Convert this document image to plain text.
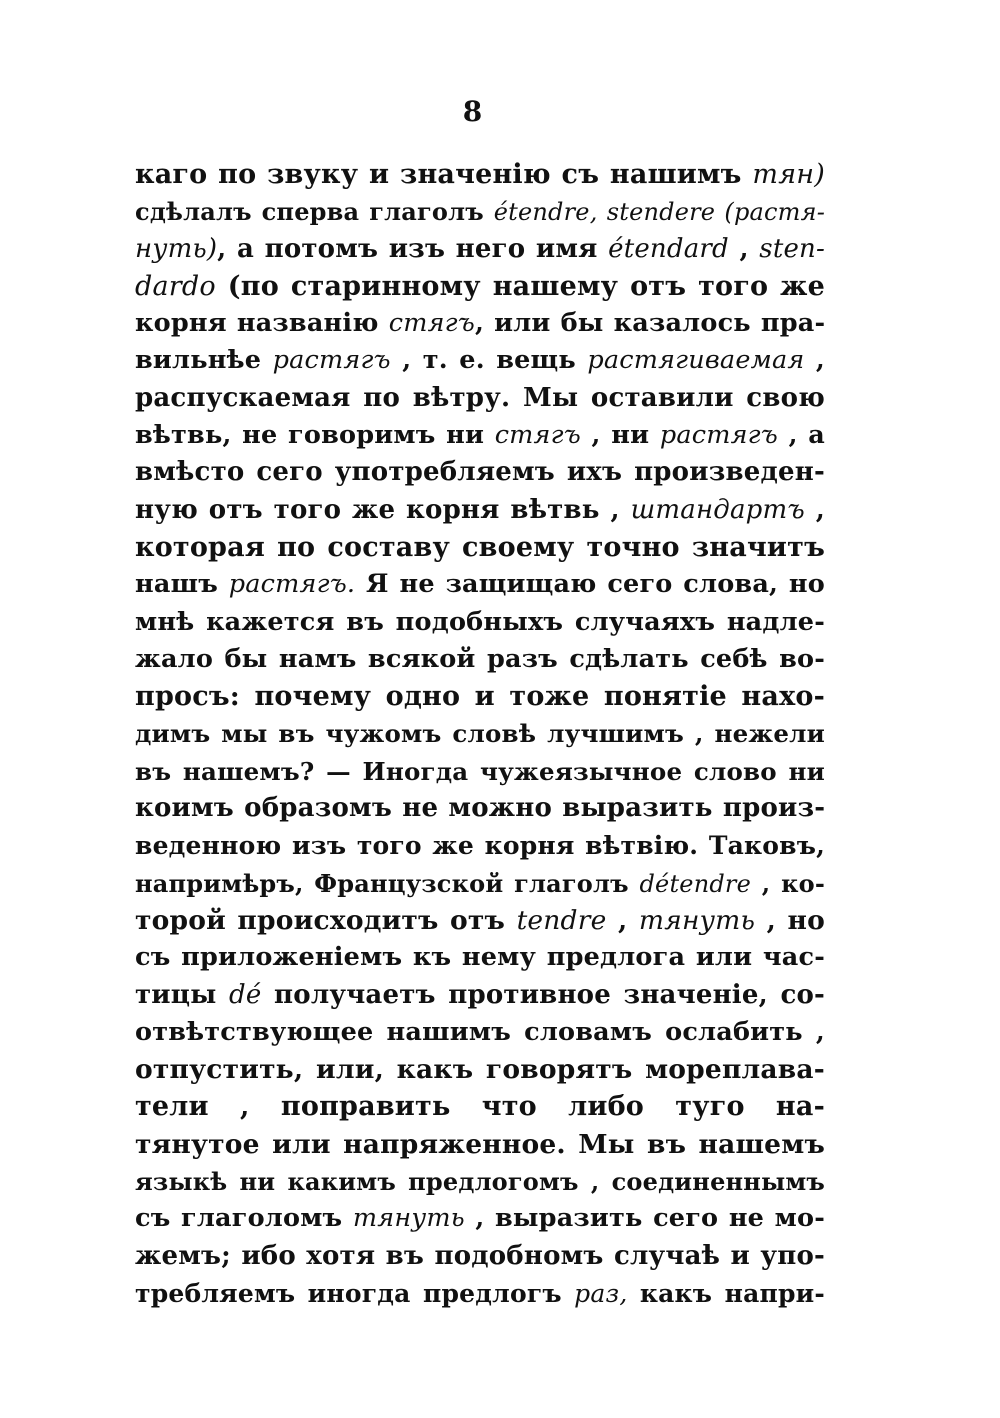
8
каго по звуку и значенію съ нашимъ тян)
сдѣлалъ сперва глаголъ étendre, stendere (растя-
нуть), а потомъ изъ него имя étendard , sten-
dardo (по старинному нашему отъ того же
корня названію стягъ, или бы казалось пра-
вильнѣе растягъ , т. е. вещь растягиваемая ,
распускаемая по вѣтру. Мы оставили свою
вѣтвь, не говоримъ ни стягъ , ни растягъ , а
вмѣсто сего употребляемъ ихъ произведен-
ную отъ того же корня вѣтвь , штандартъ ,
которая по составу своему точно значитъ
нашъ растягъ. Я не защищаю сего слова, но
мнѣ кажется въ подобныхъ случаяхъ надле-
жало бы намъ всякой разъ сдѣлать себѣ во-
просъ: почему одно и тоже понятіе нахо-
димъ мы въ чужомъ словѣ лучшимъ , нежели
въ нашемъ? — Иногда чужеязычное слово ни
коимъ образомъ не можно выразить произ-
веденною изъ того же корня вѣтвію. Таковъ,
напримѣръ, Французской глаголъ détendre , ко-
торой происходитъ отъ tendre , тянуть , но
съ приложеніемъ къ нему предлога или час-
тицы dé получаетъ противное значеніе, со-
отвѣтствующее нашимъ словамъ ослабить ,
отпустить, или, какъ говорятъ мореплава-
тели , поправить что либо туго на-
тянутое или напряженное. Мы въ нашемъ
языкѣ ни какимъ предлогомъ , соединеннымъ
съ глаголомъ тянуть , выразить сего не мо-
жемъ; ибо хотя въ подобномъ случаѣ и упо-
требляемъ иногда предлогъ раз, какъ напри-
